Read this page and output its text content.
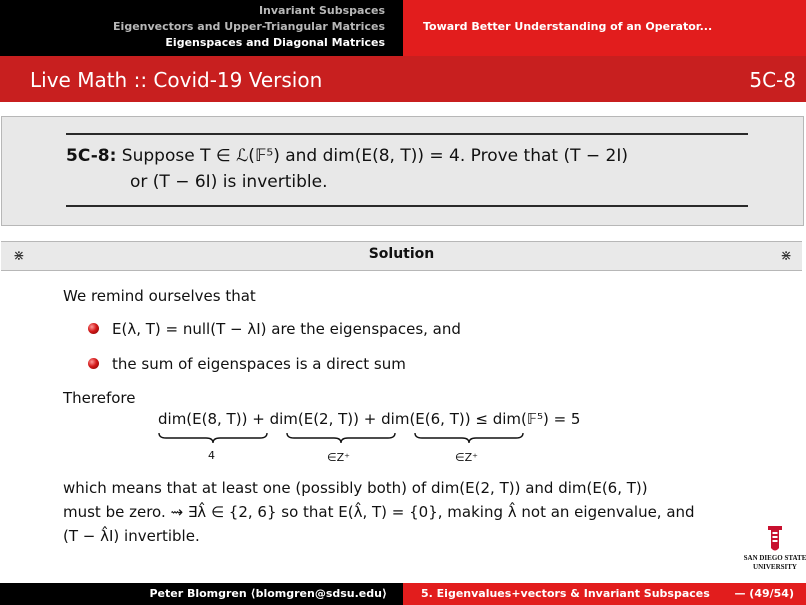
Invariant Subspaces
Eigenvectors and Upper-Triangular Matrices
Eigenspaces and Diagonal Matrices
Toward Better Understanding of an Operator...
Live Math :: Covid-19 Version	5C-8
5C-8: Suppose T ∈ ℒ(𝔽⁵) and dim(E(8, T)) = 4. Prove that (T − 2I)
or (T − 6I) is invertible.
⋇	Solution	⋇
We remind ourselves that
E(λ, T) = null(T − λI) are the eigenspaces, and
the sum of eigenspaces is a direct sum
Therefore
dim(E(8, T)) + dim(E(2, T)) + dim(E(6, T)) ≤ dim(𝔽⁵) = 5
4	∈Z⁺	∈Z⁺
which means that at least one (possibly both) of dim(E(2, T)) and dim(E(6, T))
must be zero. ⇝ ∃λ̂ ∈ {2, 6} so that E(λ̂, T) = {0}, making λ̂ not an eigenvalue, and
(T − λ̂I) invertible.
SAN DIEGO STATE
UNIVERSITY
Peter Blomgren ⟨blomgren@sdsu.edu⟩	5. Eigenvalues+vectors & Invariant Subspaces — (49/54)
